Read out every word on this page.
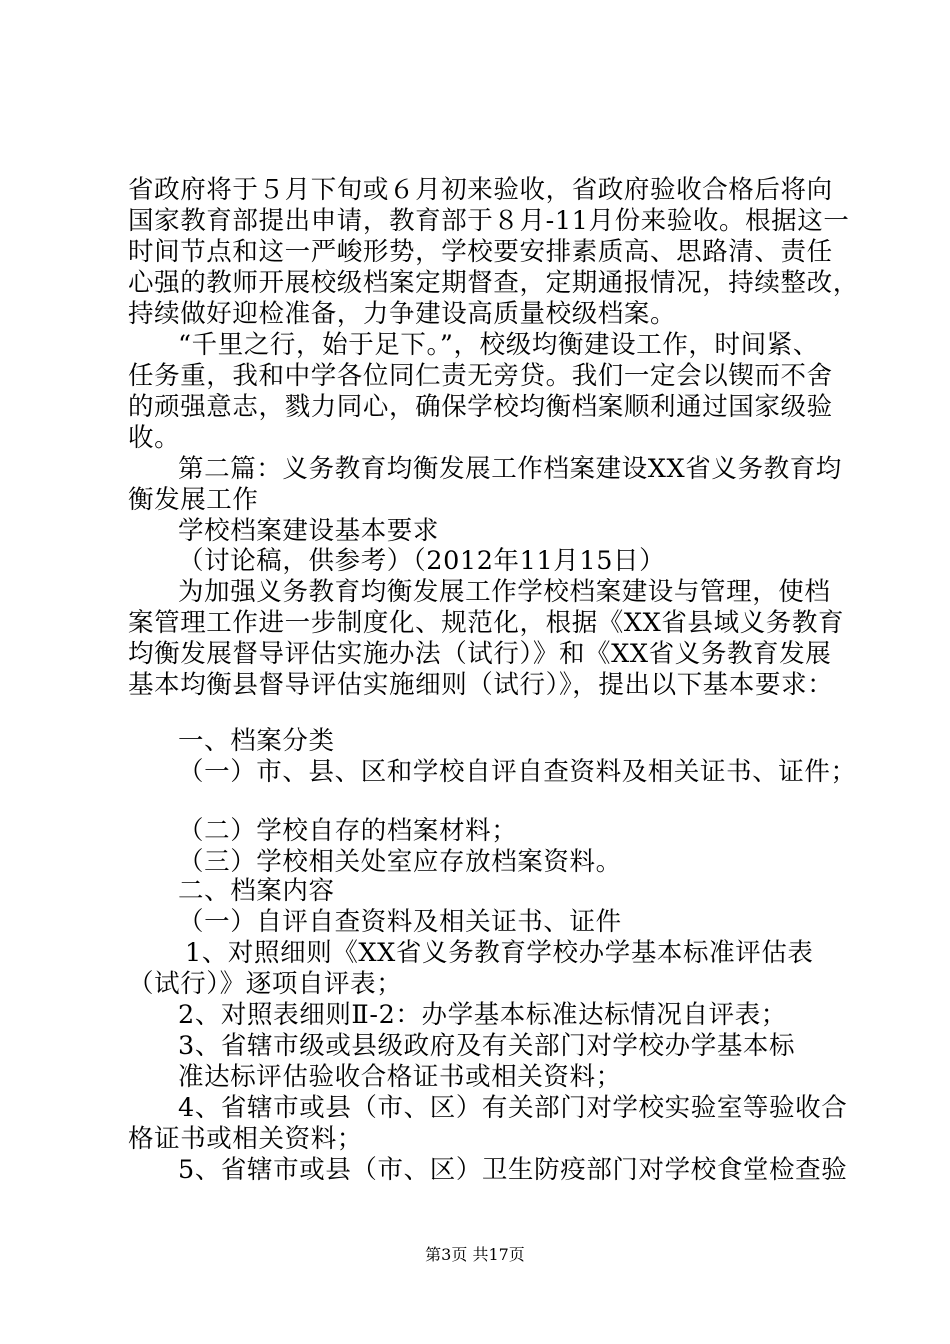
省政府将于５月下旬或６月初来验收，省政府验收合格后将向
国家教育部提出申请，教育部于８月-11月份来验收。根据这一
时间节点和这一严峻形势，学校要安排素质高、思路清、责任
心强的教师开展校级档案定期督查，定期通报情况，持续整改，
持续做好迎检准备，力争建设高质量校级档案。
“千里之行，始于足下。”，校级均衡建设工作，时间紧、
任务重，我和中学各位同仁责无旁贷。我们一定会以锲而不舍
的顽强意志，戮力同心，确保学校均衡档案顺利通过国家级验
收。
第二篇：义务教育均衡发展工作档案建设XX省义务教育均
衡发展工作
学校档案建设基本要求
（讨论稿，供参考）（2012年11月15日）
为加强义务教育均衡发展工作学校档案建设与管理，使档
案管理工作进一步制度化、规范化，根据《XX省县域义务教育
均衡发展督导评估实施办法（试行）》和《XX省义务教育发展
基本均衡县督导评估实施细则（试行）》，提出以下基本要求：
一、档案分类
（一）市、县、区和学校自评自查资料及相关证书、证件；
（二）学校自存的档案材料；
（三）学校相关处室应存放档案资料。
二、档案内容
（一）自评自查资料及相关证书、证件
1、对照细则《XX省义务教育学校办学基本标准评估表
（试行）》逐项自评表；
2、对照表细则Ⅱ-2：办学基本标准达标情况自评表；
3、省辖市级或县级政府及有关部门对学校办学基本标
准达标评估验收合格证书或相关资料；
4、省辖市或县（市、区）有关部门对学校实验室等验收合
格证书或相关资料；
5、省辖市或县（市、区）卫生防疫部门对学校食堂检查验
第3页 共17页
